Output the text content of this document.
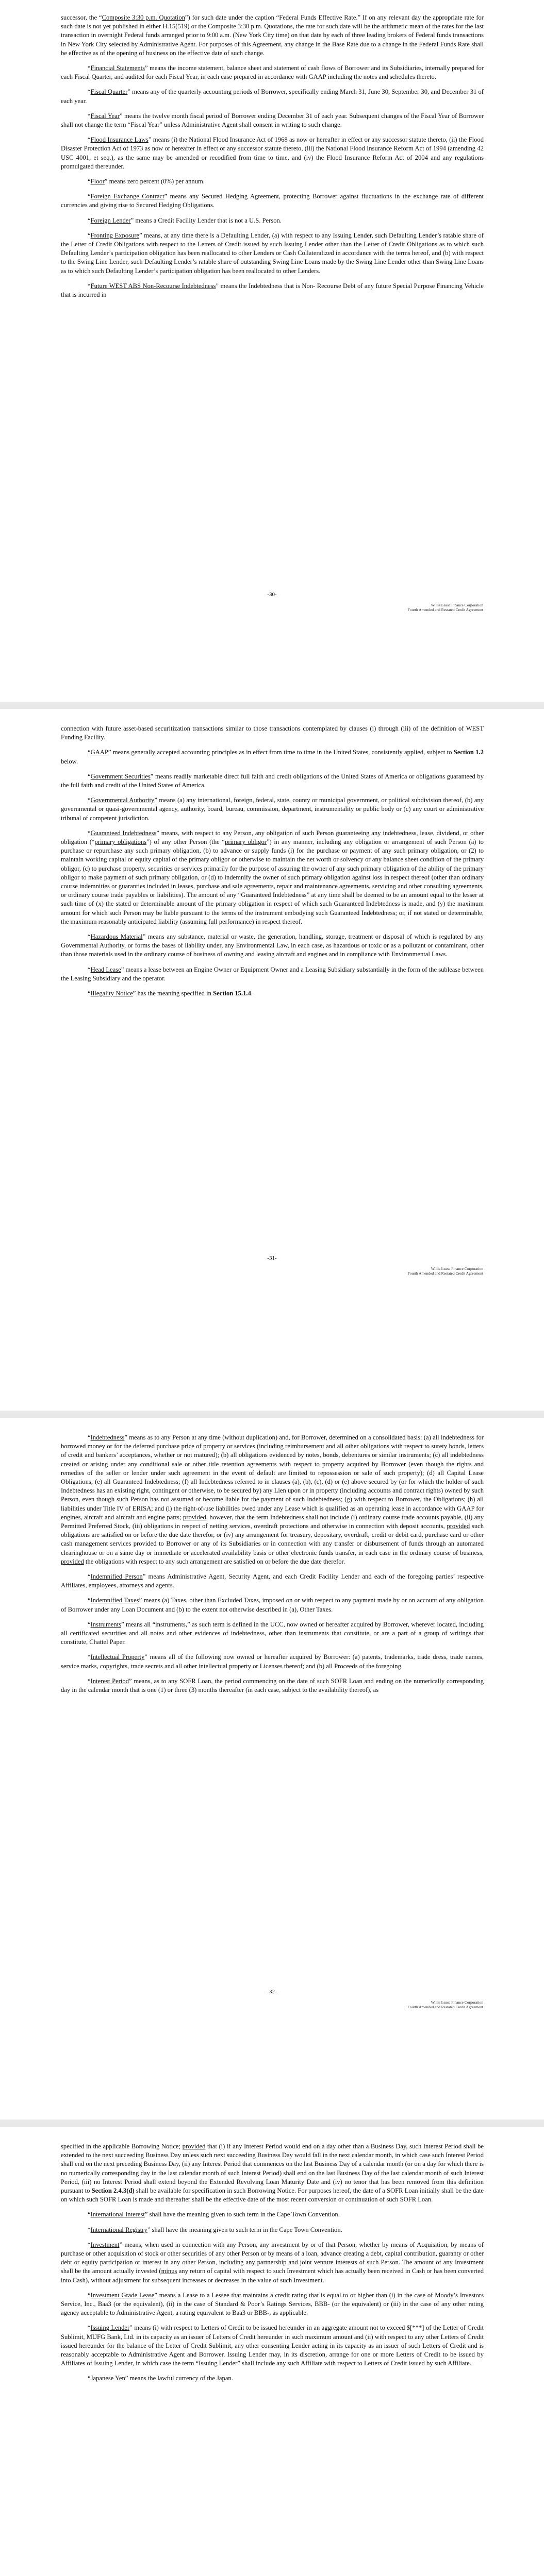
successor, the “Composite 3:30 p.m. Quotation”) for such date under the caption “Federal Funds Effective Rate.” If on any relevant day the appropriate rate for such date is not yet published in either H.15(519) or the Composite 3:30 p.m. Quotations, the rate for such date will be the arithmetic mean of the rates for the last transaction in overnight Federal funds arranged prior to 9:00 a.m. (New York City time) on that date by each of three leading brokers of Federal funds transactions in New York City selected by Administrative Agent. For purposes of this Agreement, any change in the Base Rate due to a change in the Federal Funds Rate shall be effective as of the opening of business on the effective date of such change.

“Financial Statements” means the income statement, balance sheet and statement of cash flows of Borrower and its Subsidiaries, internally prepared for each Fiscal Quarter, and audited for each Fiscal Year, in each case prepared in accordance with GAAP including the notes and schedules thereto.

“Fiscal Quarter” means any of the quarterly accounting periods of Borrower, specifically ending March 31, June 30, September 30, and December 31 of each year.

“Fiscal Year” means the twelve month fiscal period of Borrower ending December 31 of each year. Subsequent changes of the Fiscal Year of Borrower shall not change the term “Fiscal Year” unless Administrative Agent shall consent in writing to such change.

“Flood Insurance Laws” means (i) the National Flood Insurance Act of 1968 as now or hereafter in effect or any successor statute thereto, (ii) the Flood Disaster Protection Act of 1973 as now or hereafter in effect or any successor statute thereto, (iii) the National Flood Insurance Reform Act of 1994 (amending 42 USC 4001, et seq.), as the same may be amended or recodified from time to time, and (iv) the Flood Insurance Reform Act of 2004 and any regulations promulgated thereunder.

“Floor” means zero percent (0%) per annum.

“Foreign Exchange Contract” means any Secured Hedging Agreement, protecting Borrower against fluctuations in the exchange rate of different currencies and giving rise to Secured Hedging Obligations.

“Foreign Lender” means a Credit Facility Lender that is not a U.S. Person.

“Fronting Exposure” means, at any time there is a Defaulting Lender, (a) with respect to any Issuing Lender, such Defaulting Lender’s ratable share of the Letter of Credit Obligations with respect to the Letters of Credit issued by such Issuing Lender other than the Letter of Credit Obligations as to which such Defaulting Lender’s participation obligation has been reallocated to other Lenders or Cash Collateralized in accordance with the terms hereof, and (b) with respect to the Swing Line Lender, such Defaulting Lender’s ratable share of outstanding Swing Line Loans made by the Swing Line Lender other than Swing Line Loans as to which such Defaulting Lender’s participation obligation has been reallocated to other Lenders.

“Future WEST ABS Non-Recourse Indebtedness” means the Indebtedness that is Non- Recourse Debt of any future Special Purpose Financing Vehicle that is incurred in

-30-
Willis Lease Finance Corporation
Fourth Amended and Restated Credit Agreement

connection with future asset-based securitization transactions similar to those transactions contemplated by clauses (i) through (iii) of the definition of WEST Funding Facility.

“GAAP” means generally accepted accounting principles as in effect from time to time in the United States, consistently applied, subject to Section 1.2 below.

“Government Securities” means readily marketable direct full faith and credit obligations of the United States of America or obligations guaranteed by the full faith and credit of the United States of America.

“Governmental Authority” means (a) any international, foreign, federal, state, county or municipal government, or political subdivision thereof, (b) any governmental or quasi-governmental agency, authority, board, bureau, commission, department, instrumentality or public body or (c) any court or administrative tribunal of competent jurisdiction.

“Guaranteed Indebtedness” means, with respect to any Person, any obligation of such Person guaranteeing any indebtedness, lease, dividend, or other obligation (“primary obligations”) of any other Person (the “primary obligor”) in any manner, including any obligation or arrangement of such Person (a) to purchase or repurchase any such primary obligation, (b) to advance or supply funds (i) for the purchase or payment of any such primary obligation, or (2) to maintain working capital or equity capital of the primary obligor or otherwise to maintain the net worth or solvency or any balance sheet condition of the primary obligor, (c) to purchase property, securities or services primarily for the purpose of assuring the owner of any such primary obligation of the ability of the primary obligor to make payment of such primary obligation, or (d) to indemnify the owner of such primary obligation against loss in respect thereof (other than ordinary course indemnities or guaranties included in leases, purchase and sale agreements, repair and maintenance agreements, servicing and other consulting agreements, or ordinary course trade payables or liabilities). The amount of any “Guaranteed Indebtedness” at any time shall be deemed to be an amount equal to the lesser at such time of (x) the stated or determinable amount of the primary obligation in respect of which such Guaranteed Indebtedness is made, and (y) the maximum amount for which such Person may be liable pursuant to the terms of the instrument embodying such Guaranteed Indebtedness; or, if not stated or determinable, the maximum reasonably anticipated liability (assuming full performance) in respect thereof.

“Hazardous Material” means any substance, material or waste, the generation, handling, storage, treatment or disposal of which is regulated by any Governmental Authority, or forms the bases of liability under, any Environmental Law, in each case, as hazardous or toxic or as a pollutant or contaminant, other than those materials used in the ordinary course of business of owning and leasing aircraft and engines and in compliance with Environmental Laws.

“Head Lease” means a lease between an Engine Owner or Equipment Owner and a Leasing Subsidiary substantially in the form of the sublease between the Leasing Subsidiary and the operator.

“Illegality Notice” has the meaning specified in Section 15.1.4.

-31-
Willis Lease Finance Corporation
Fourth Amended and Restated Credit Agreement

“Indebtedness” means as to any Person at any time (without duplication) and, for Borrower, determined on a consolidated basis: (a) all indebtedness for borrowed money or for the deferred purchase price of property or services (including reimbursement and all other obligations with respect to surety bonds, letters of credit and bankers’ acceptances, whether or not matured); (b) all obligations evidenced by notes, bonds, debentures or similar instruments; (c) all indebtedness created or arising under any conditional sale or other title retention agreements with respect to property acquired by Borrower (even though the rights and remedies of the seller or lender under such agreement in the event of default are limited to repossession or sale of such property); (d) all Capital Lease Obligations; (e) all Guaranteed Indebtedness; (f) all Indebtedness referred to in clauses (a), (b), (c), (d) or (e) above secured by (or for which the holder of such Indebtedness has an existing right, contingent or otherwise, to be secured by) any Lien upon or in property (including accounts and contract rights) owned by such Person, even though such Person has not assumed or become liable for the payment of such Indebtedness; (g) with respect to Borrower, the Obligations; (h) all liabilities under Title IV of ERISA; and (i) the right-of-use liabilities owed under any Lease which is qualified as an operating lease in accordance with GAAP for engines, aircraft and aircraft and engine parts; provided, however, that the term Indebtedness shall not include (i) ordinary course trade accounts payable, (ii) any Permitted Preferred Stock, (iii) obligations in respect of netting services, overdraft protections and otherwise in connection with deposit accounts, provided such obligations are satisfied on or before the due date therefor, or (iv) any arrangement for treasury, depositary, overdraft, credit or debit card, purchase card or other cash management services provided to Borrower or any of its Subsidiaries or in connection with any transfer or disbursement of funds through an automated clearinghouse or on a same day or immediate or accelerated availability basis or other electronic funds transfer, in each case in the ordinary course of business, provided the obligations with respect to any such arrangement are satisfied on or before the due date therefor.

“Indemnified Person” means Administrative Agent, Security Agent, and each Credit Facility Lender and each of the foregoing parties’ respective Affiliates, employees, attorneys and agents.

“Indemnified Taxes” means (a) Taxes, other than Excluded Taxes, imposed on or with respect to any payment made by or on account of any obligation of Borrower under any Loan Document and (b) to the extent not otherwise described in (a), Other Taxes.

“Instruments” means all “instruments,” as such term is defined in the UCC, now owned or hereafter acquired by Borrower, wherever located, including all certificated securities and all notes and other evidences of indebtedness, other than instruments that constitute, or are a part of a group of writings that constitute, Chattel Paper.

“Intellectual Property” means all of the following now owned or hereafter acquired by Borrower: (a) patents, trademarks, trade dress, trade names, service marks, copyrights, trade secrets and all other intellectual property or Licenses thereof; and (b) all Proceeds of the foregoing.

“Interest Period” means, as to any SOFR Loan, the period commencing on the date of such SOFR Loan and ending on the numerically corresponding day in the calendar month that is one (1) or three (3) months thereafter (in each case, subject to the availability thereof), as

-32-
Willis Lease Finance Corporation
Fourth Amended and Restated Credit Agreement

specified in the applicable Borrowing Notice; provided that (i) if any Interest Period would end on a day other than a Business Day, such Interest Period shall be extended to the next succeeding Business Day unless such next succeeding Business Day would fall in the next calendar month, in which case such Interest Period shall end on the next preceding Business Day, (ii) any Interest Period that commences on the last Business Day of a calendar month (or on a day for which there is no numerically corresponding day in the last calendar month of such Interest Period) shall end on the last Business Day of the last calendar month of such Interest Period, (iii) no Interest Period shall extend beyond the Extended Revolving Loan Maturity Date and (iv) no tenor that has been removed from this definition pursuant to Section 2.4.3(d) shall be available for specification in such Borrowing Notice. For purposes hereof, the date of a SOFR Loan initially shall be the date on which such SOFR Loan is made and thereafter shall be the effective date of the most recent conversion or continuation of such SOFR Loan.

“International Interest” shall have the meaning given to such term in the Cape Town Convention.

“International Registry” shall have the meaning given to such term in the Cape Town Convention.

“Investment” means, when used in connection with any Person, any investment by or of that Person, whether by means of Acquisition, by means of purchase or other acquisition of stock or other securities of any other Person or by means of a loan, advance creating a debt, capital contribution, guaranty or other debt or equity participation or interest in any other Person, including any partnership and joint venture interests of such Person. The amount of any Investment shall be the amount actually invested (minus any return of capital with respect to such Investment which has actually been received in Cash or has been converted into Cash), without adjustment for subsequent increases or decreases in the value of such Investment.

“Investment Grade Lease” means a Lease to a Lessee that maintains a credit rating that is equal to or higher than (i) in the case of Moody’s Investors Service, Inc., Baa3 (or the equivalent), (ii) in the case of Standard & Poor’s Ratings Services, BBB- (or the equivalent) or (iii) in the case of any other rating agency acceptable to Administrative Agent, a rating equivalent to Baa3 or BBB-, as applicable.

“Issuing Lender” means (i) with respect to Letters of Credit to be issued hereunder in an aggregate amount not to exceed $[***] of the Letter of Credit Sublimit, MUFG Bank, Ltd. in its capacity as an issuer of Letters of Credit hereunder in such maximum amount and (ii) with respect to any other Letters of Credit issued hereunder for the balance of the Letter of Credit Sublimit, any other consenting Lender acting in its capacity as an issuer of such Letters of Credit and is reasonably acceptable to Administrative Agent and Borrower. Issuing Lender may, in its discretion, arrange for one or more Letters of Credit to be issued by Affiliates of Issuing Lender, in which case the term “Issuing Lender” shall include any such Affiliate with respect to Letters of Credit issued by such Affiliate.

“Japanese Yen” means the lawful currency of the Japan.
